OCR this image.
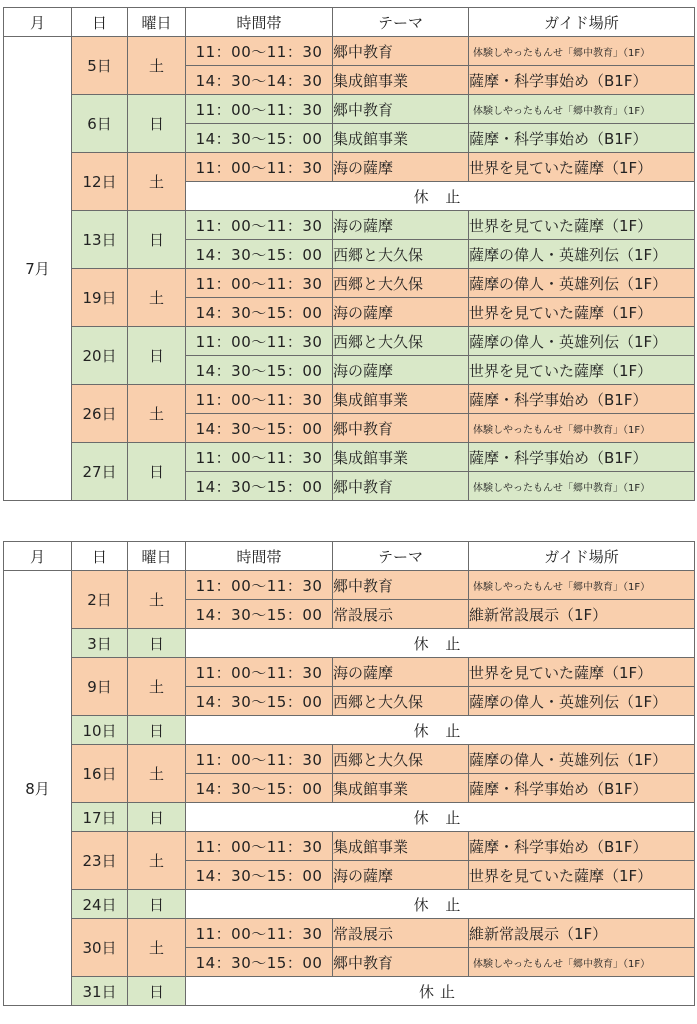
月	日	曜日	時間帯	テーマ	ガイド場所
7月	5日	土	11：00〜11：30	郷中教育	体験しやったもんせ「郷中教育」（1F）
			14：30〜14：30	集成館事業	薩摩・科学事始め（B1F）
	6日	日	11：00〜11：30	郷中教育	体験しやったもんせ「郷中教育」（1F）
			14：30〜15：00	集成館事業	薩摩・科学事始め（B1F）
	12日	土	11：00〜11：30	海の薩摩	世界を見ていた薩摩（1F）
			休 止		
	13日	日	11：00〜11：30	海の薩摩	世界を見ていた薩摩（1F）
			14：30〜15：00	西郷と大久保	薩摩の偉人・英雄列伝（1F）
	19日	土	11：00〜11：30	西郷と大久保	薩摩の偉人・英雄列伝（1F）
			14：30〜15：00	海の薩摩	世界を見ていた薩摩（1F）
	20日	日	11：00〜11：30	西郷と大久保	薩摩の偉人・英雄列伝（1F）
			14：30〜15：00	海の薩摩	世界を見ていた薩摩（1F）
	26日	土	11：00〜11：30	集成館事業	薩摩・科学事始め（B1F）
			14：30〜15：00	郷中教育	体験しやったもんせ「郷中教育」（1F）
	27日	日	11：00〜11：30	集成館事業	薩摩・科学事始め（B1F）
			14：30〜15：00	郷中教育	体験しやったもんせ「郷中教育」（1F）
月	日	曜日	時間帯	テーマ	ガイド場所
8月	2日	土	11：00〜11：30	郷中教育	体験しやったもんせ「郷中教育」（1F）
			14：30〜15：00	常設展示	維新常設展示（1F）
	3日	日	休 止		
	9日	土	11：00〜11：30	海の薩摩	世界を見ていた薩摩（1F）
			14：30〜15：00	西郷と大久保	薩摩の偉人・英雄列伝（1F）
	10日	日	休 止		
	16日	土	11：00〜11：30	西郷と大久保	薩摩の偉人・英雄列伝（1F）
			14：30〜15：00	集成館事業	薩摩・科学事始め（B1F）
	17日	日	休 止		
	23日	土	11：00〜11：30	集成館事業	薩摩・科学事始め（B1F）
			14：30〜15：00	海の薩摩	世界を見ていた薩摩（1F）
	24日	日	休 止		
	30日	土	11：00〜11：30	常設展示	維新常設展示（1F）
			14：30〜15：00	郷中教育	体験しやったもんせ「郷中教育」（1F）
	31日	日	休止		
